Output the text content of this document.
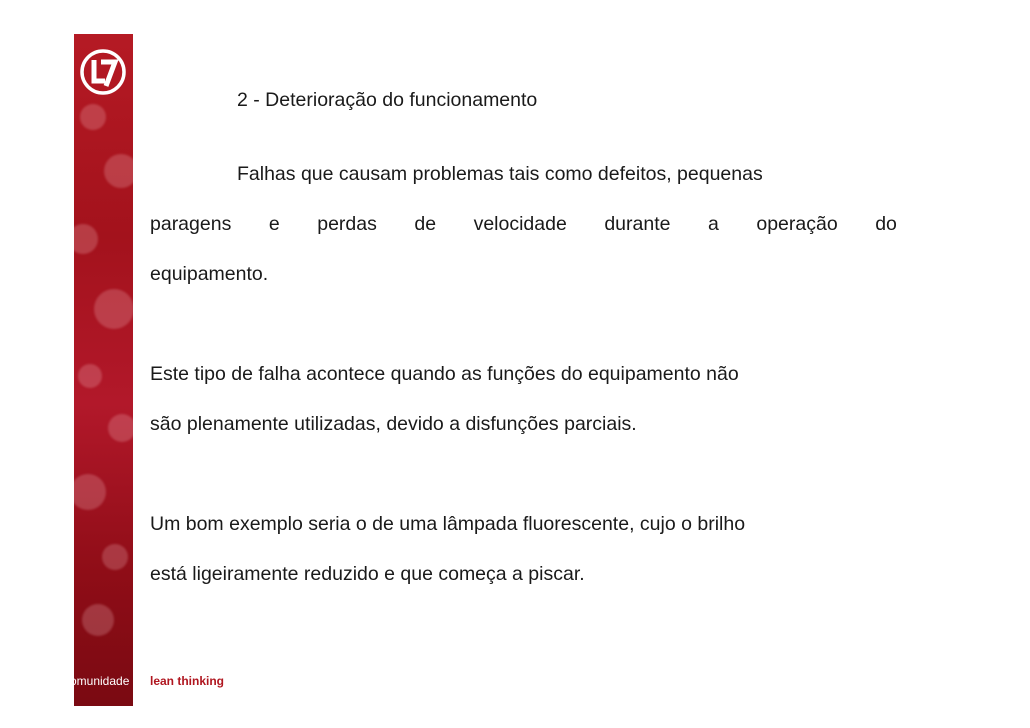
comunidade	lean thinking
2 - Deterioração do funcionamento
Falhas que causam problemas tais como defeitos, pequenas
paragens e perdas de velocidade durante a operação do
equipamento.
Este tipo de falha acontece quando as funções do equipamento não
são plenamente utilizadas, devido a disfunções parciais.
Um bom exemplo seria o de uma lâmpada fluorescente, cujo o brilho
está ligeiramente reduzido e que começa a piscar.
